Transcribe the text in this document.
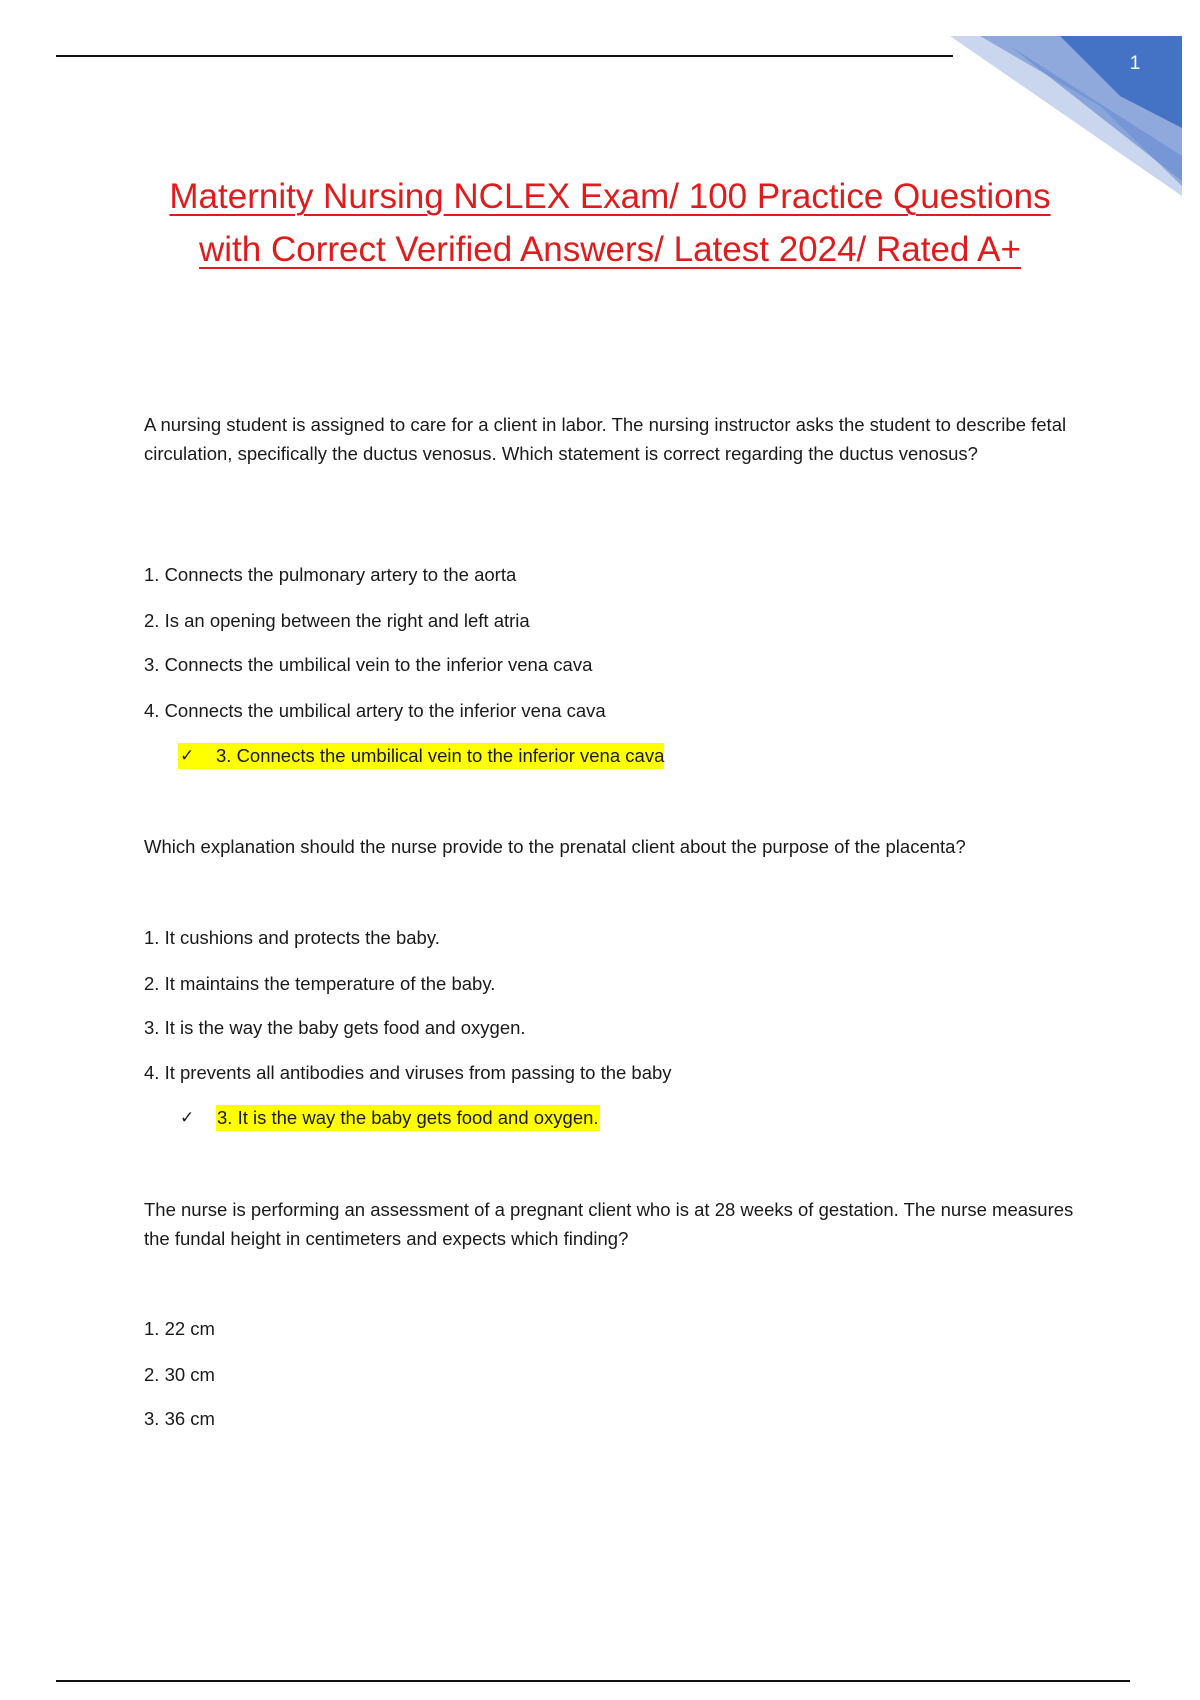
1
Maternity Nursing NCLEX Exam/ 100 Practice Questions
with Correct Verified Answers/ Latest 2024/ Rated A+
A nursing student is assigned to care for a client in labor. The nursing instructor asks the student to describe fetal circulation, specifically the ductus venosus. Which statement is correct regarding the ductus venosus?
1. Connects the pulmonary artery to the aorta
2. Is an opening between the right and left atria
3. Connects the umbilical vein to the inferior vena cava
4. Connects the umbilical artery to the inferior vena cava
✓	3. Connects the umbilical vein to the inferior vena cava
Which explanation should the nurse provide to the prenatal client about the purpose of the placenta?
1. It cushions and protects the baby.
2. It maintains the temperature of the baby.
3. It is the way the baby gets food and oxygen.
4. It prevents all antibodies and viruses from passing to the baby
✓	3. It is the way the baby gets food and oxygen.
The nurse is performing an assessment of a pregnant client who is at 28 weeks of gestation. The nurse measures the fundal height in centimeters and expects which finding?
1. 22 cm
2. 30 cm
3. 36 cm
